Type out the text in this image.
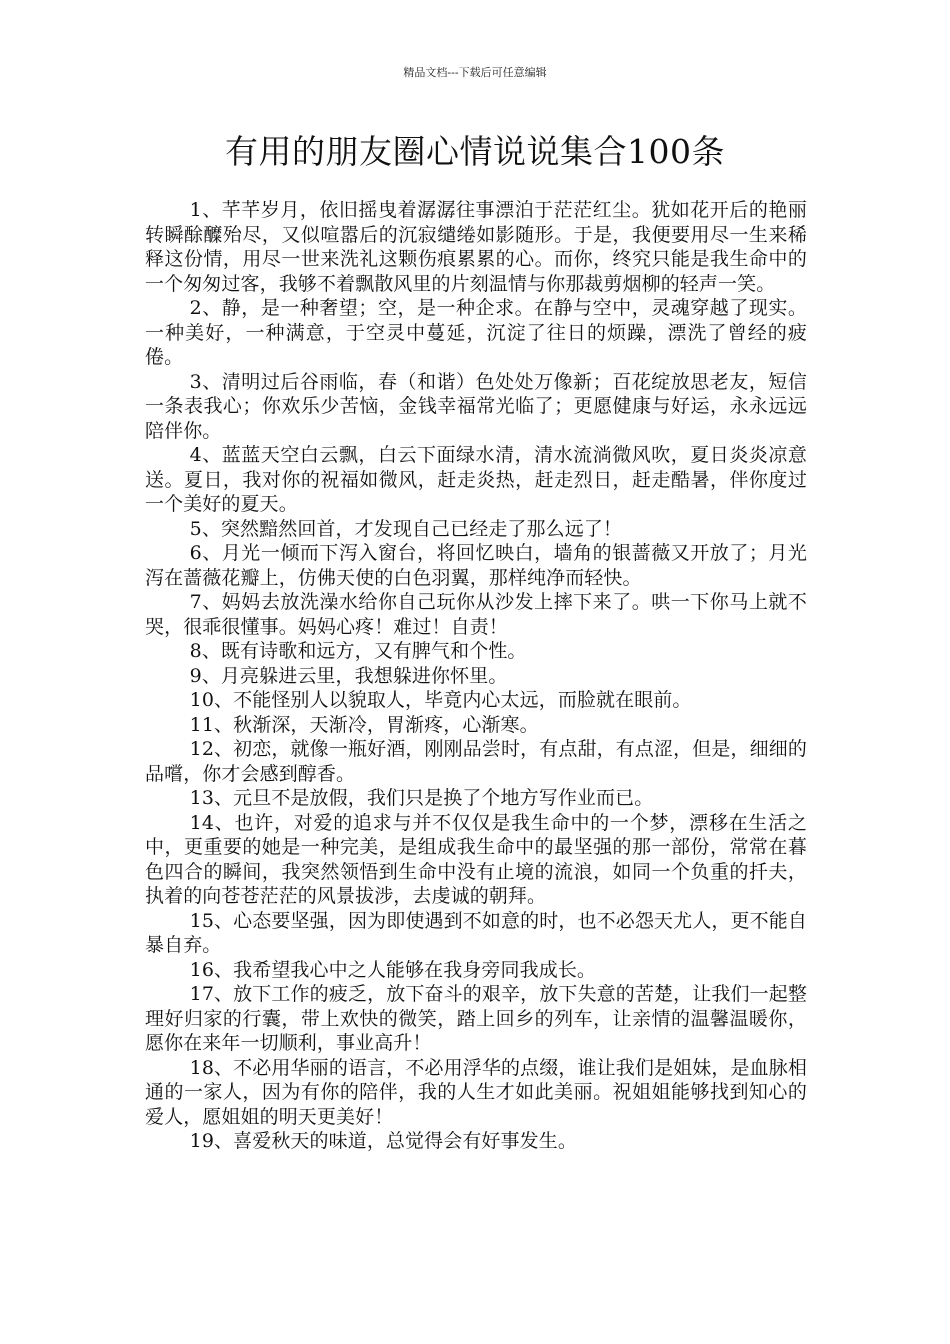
精品文档---下载后可任意编辑
有用的朋友圈心情说说集合100条

1、芊芊岁月，依旧摇曳着潺潺往事漂泊于茫茫红尘。犹如花开后的艳丽转瞬酴醾殆尽，又似喧嚣后的沉寂缱绻如影随形。于是，我便要用尽一生来稀释这份情，用尽一世来洗礼这颗伤痕累累的心。而你，终究只能是我生命中的一个匆匆过客，我够不着飘散风里的片刻温情与你那裁剪烟柳的轻声一笑。

2、静，是一种奢望；空，是一种企求。在静与空中，灵魂穿越了现实。一种美好，一种满意，于空灵中蔓延，沉淀了往日的烦躁，漂洗了曾经的疲倦。

3、清明过后谷雨临，春（和谐）色处处万像新；百花绽放思老友，短信一条表我心；你欢乐少苦恼，金钱幸福常光临了；更愿健康与好运，永永远远陪伴你。

4、蓝蓝天空白云飘，白云下面绿水清，清水流淌微风吹，夏日炎炎凉意送。夏日，我对你的祝福如微风，赶走炎热，赶走烈日，赶走酷暑，伴你度过一个美好的夏天。

5、突然黯然回首，才发现自己已经走了那么远了！

6、月光一倾而下泻入窗台，将回忆映白，墙角的银蔷薇又开放了；月光泻在蔷薇花瓣上，仿佛天使的白色羽翼，那样纯净而轻快。

7、妈妈去放洗澡水给你自己玩你从沙发上摔下来了。哄一下你马上就不哭，很乖很懂事。妈妈心疼！难过！自责！

8、既有诗歌和远方，又有脾气和个性。

9、月亮躲进云里，我想躲进你怀里。

10、不能怪别人以貌取人，毕竟内心太远，而脸就在眼前。

11、秋渐深，天渐冷，胃渐疼，心渐寒。

12、初恋，就像一瓶好酒，刚刚品尝时，有点甜，有点涩，但是，细细的品嚐，你才会感到醇香。

13、元旦不是放假，我们只是换了个地方写作业而已。

14、也许，对爱的追求与并不仅仅是我生命中的一个梦，漂移在生活之中，更重要的她是一种完美，是组成我生命中的最坚强的那一部份，常常在暮色四合的瞬间，我突然领悟到生命中没有止境的流浪，如同一个负重的扦夫，执着的向苍苍茫茫的风景拔涉，去虔诚的朝拜。

15、心态要坚强，因为即使遇到不如意的时，也不必怨天尤人，更不能自暴自弃。

16、我希望我心中之人能够在我身旁同我成长。

17、放下工作的疲乏，放下奋斗的艰辛，放下失意的苦楚，让我们一起整理好归家的行囊，带上欢快的微笑，踏上回乡的列车，让亲情的温馨温暖你，愿你在来年一切顺利，事业高升！

18、不必用华丽的语言，不必用浮华的点缀，谁让我们是姐妹，是血脉相通的一家人，因为有你的陪伴，我的人生才如此美丽。祝姐姐能够找到知心的爱人，愿姐姐的明天更美好！

19、喜爱秋天的味道，总觉得会有好事发生。
